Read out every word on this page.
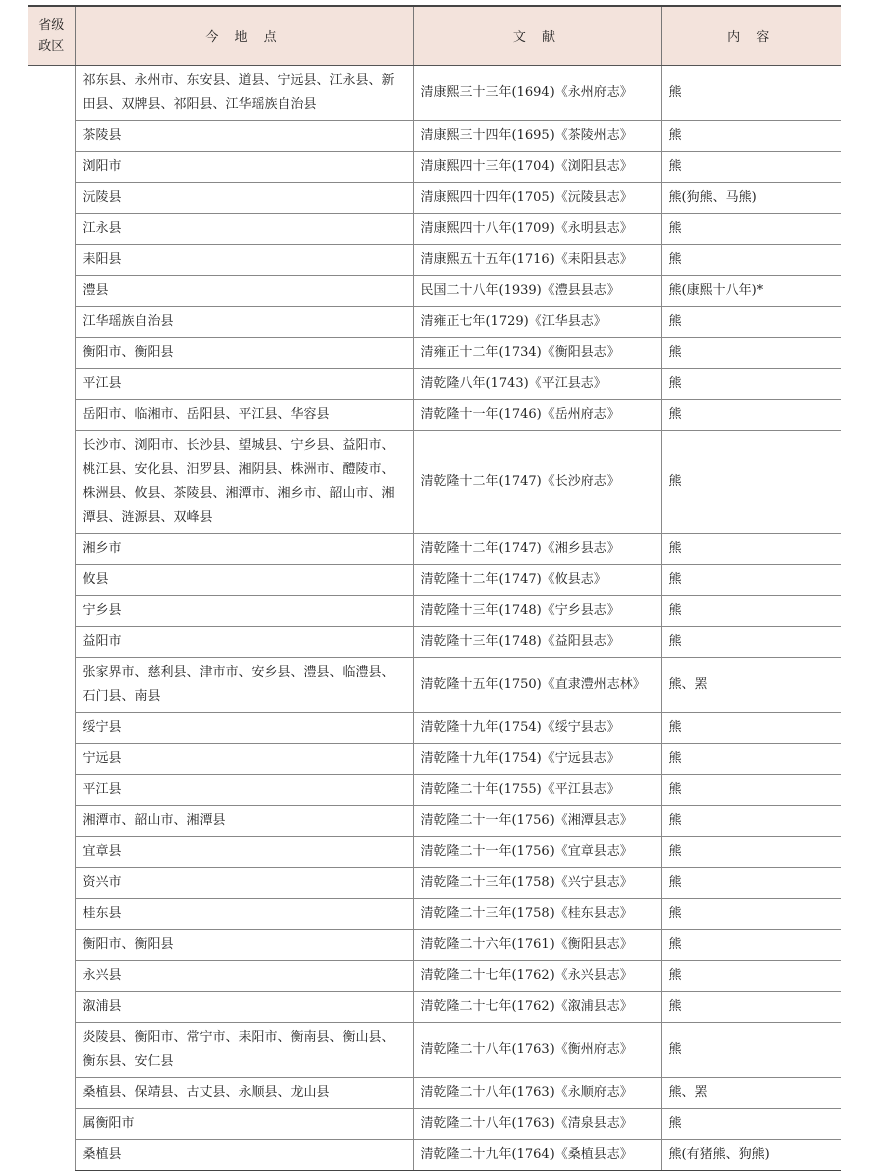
省级
政区	今 地 点	文 献	内 容
	祁东县、永州市、东安县、道县、宁远县、江永县、新田县、双牌县、祁阳县、江华瑶族自治县	清康熙三十三年(1694)《永州府志》	熊
	茶陵县	清康熙三十四年(1695)《茶陵州志》	熊
	浏阳市	清康熙四十三年(1704)《浏阳县志》	熊
	沅陵县	清康熙四十四年(1705)《沅陵县志》	熊(狗熊、马熊)
	江永县	清康熙四十八年(1709)《永明县志》	熊
	耒阳县	清康熙五十五年(1716)《耒阳县志》	熊
	澧县	民国二十八年(1939)《澧县县志》	熊(康熙十八年)*
	江华瑶族自治县	清雍正七年(1729)《江华县志》	熊
	衡阳市、衡阳县	清雍正十二年(1734)《衡阳县志》	熊
	平江县	清乾隆八年(1743)《平江县志》	熊
	岳阳市、临湘市、岳阳县、平江县、华容县	清乾隆十一年(1746)《岳州府志》	熊
	长沙市、浏阳市、长沙县、望城县、宁乡县、益阳市、桃江县、安化县、汨罗县、湘阴县、株洲市、醴陵市、株洲县、攸县、茶陵县、湘潭市、湘乡市、韶山市、湘潭县、涟源县、双峰县	清乾隆十二年(1747)《长沙府志》	熊
	湘乡市	清乾隆十二年(1747)《湘乡县志》	熊
	攸县	清乾隆十二年(1747)《攸县志》	熊
	宁乡县	清乾隆十三年(1748)《宁乡县志》	熊
	益阳市	清乾隆十三年(1748)《益阳县志》	熊
	张家界市、慈利县、津市市、安乡县、澧县、临澧县、石门县、南县	清乾隆十五年(1750)《直隶澧州志林》	熊、罴
	绥宁县	清乾隆十九年(1754)《绥宁县志》	熊
	宁远县	清乾隆十九年(1754)《宁远县志》	熊
	平江县	清乾隆二十年(1755)《平江县志》	熊
	湘潭市、韶山市、湘潭县	清乾隆二十一年(1756)《湘潭县志》	熊
	宜章县	清乾隆二十一年(1756)《宜章县志》	熊
	资兴市	清乾隆二十三年(1758)《兴宁县志》	熊
	桂东县	清乾隆二十三年(1758)《桂东县志》	熊
	衡阳市、衡阳县	清乾隆二十六年(1761)《衡阳县志》	熊
	永兴县	清乾隆二十七年(1762)《永兴县志》	熊
	溆浦县	清乾隆二十七年(1762)《溆浦县志》	熊
	炎陵县、衡阳市、常宁市、耒阳市、衡南县、衡山县、衡东县、安仁县	清乾隆二十八年(1763)《衡州府志》	熊
	桑植县、保靖县、古丈县、永顺县、龙山县	清乾隆二十八年(1763)《永顺府志》	熊、罴
	属衡阳市	清乾隆二十八年(1763)《清泉县志》	熊
	桑植县	清乾隆二十九年(1764)《桑植县志》	熊(有猪熊、狗熊)
